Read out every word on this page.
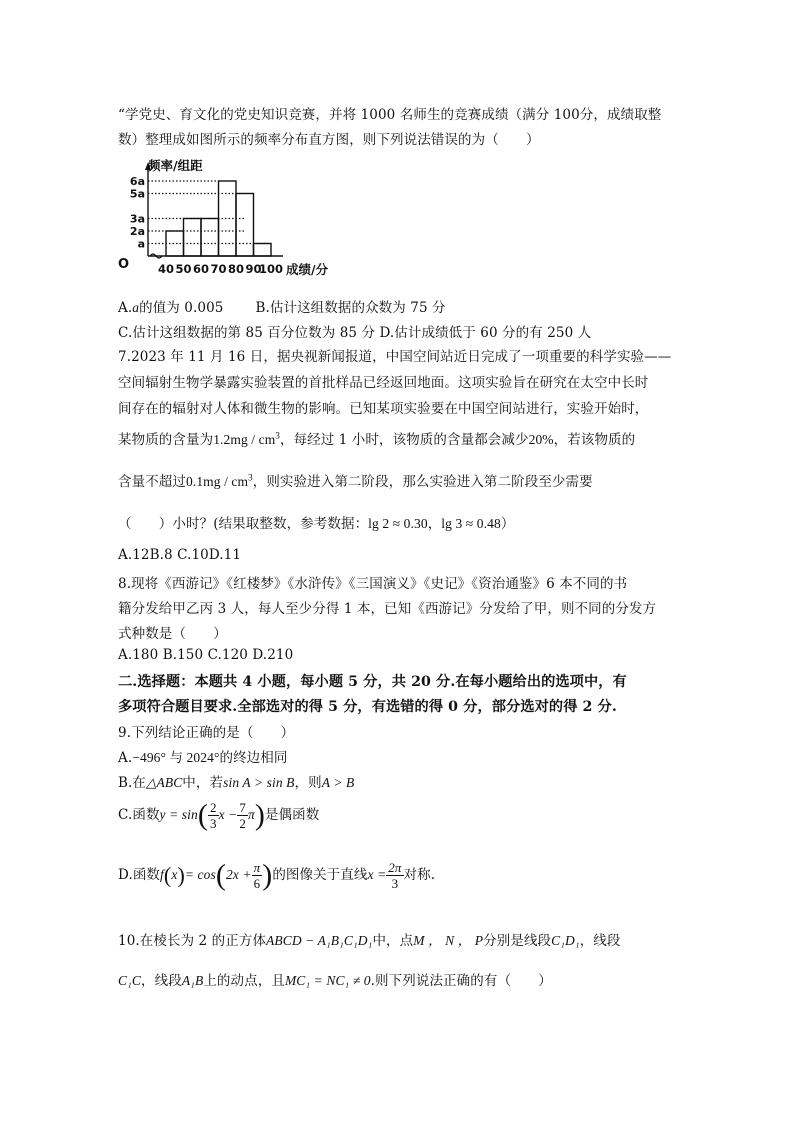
“学党史、育文化的党史知识竞赛，并将 1000 名师生的竞赛成绩（满分 100分，成绩取整
数）整理成如图所示的频率分布直方图，则下列说法错误的为（　　）
6a
5a
3a
2a
a
40 50 60 70 80 90
100
频率/组距
成绩/分
O
A.a的值为 0.005 B.估计这组数据的众数为 75 分
C.估计这组数据的第 85 百分位数为 85 分 D.估计成绩低于 60 分的有 250 人
7.2023 年 11 月 16 日，据央视新闻报道，中国空间站近日完成了一项重要的科学实验——
空间辐射生物学暴露实验装置的首批样品已经返回地面。这项实验旨在研究在太空中长时
间存在的辐射对人体和微生物的影响。已知某项实验要在中国空间站进行，实验开始时，
某物质的含量为$1.2mg / cm^3$，每经过 1 小时，该物质的含量都会减少20%，若该物质的
含量不超过$0.1mg / cm^3$，则实验进入第二阶段，那么实验进入第二阶段至少需要
（　　）小时？(结果取整数，参考数据：lg 2 ≈ 0.30，lg 3 ≈ 0.48）
A.12B.8 C.10D.11
8.现将《西游记》《红楼梦》《水浒传》《三国演义》《史记》《资治通鉴》6 本不同的书
籍分发给甲乙丙 3 人，每人至少分得 1 本，已知《西游记》分发给了甲，则不同的分发方
式种数是（　　）
A.180 B.150 C.120 D.210
二.选择题：本题共 4 小题，每小题 5 分，共 20 分.在每小题给出的选项中，有
多项符合题目要求.全部选对的得 5 分，有选错的得 0 分，部分选对的得 2 分.
9.下列结论正确的是（　　）
A.−496° 与 2024°的终边相同
B.在△ABC中，若sin A > sin B，则A > B
C.函数$y = \sin( \frac{2}{3}$ $x - \frac{7}{2} \pi$)是偶函数
D.函数$f(x)= \cos(2x + \frac{\pi}{6}$ )的图像关于直线$x = \frac{2\pi}{3}$ 对称.
10.在棱长为 2 的正方体ABCD − A₁B₁C₁D₁中，点M ， N ， P分别是线段C₁D₁，线段
C₁C，线段A₁B上的动点，且MC₁ = NC₁ ≠ 0.则下列说法正确的有（　　）
